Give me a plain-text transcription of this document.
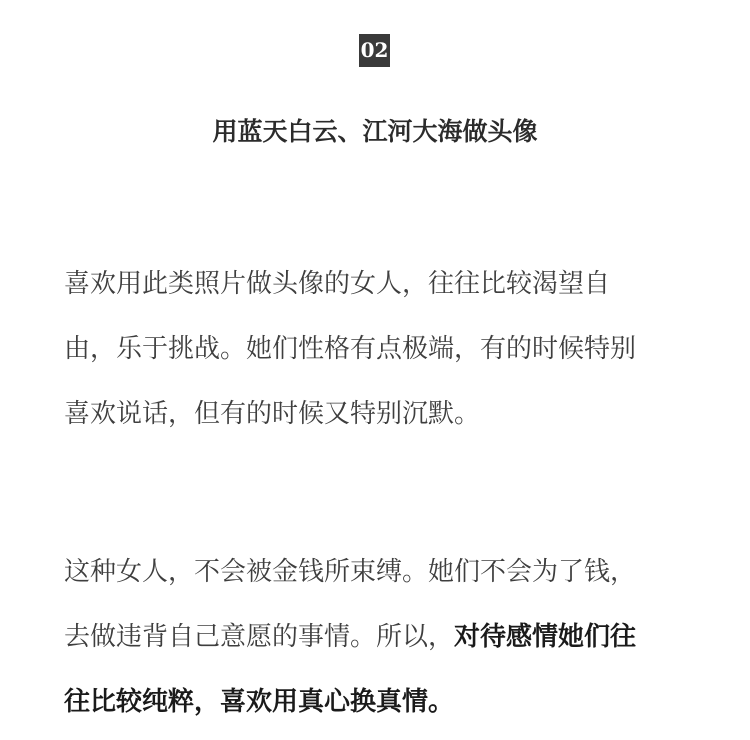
02
用蓝天白云、江河大海做头像

喜欢用此类照片做头像的女人，往往比较渴望自
由，乐于挑战。她们性格有点极端，有的时候特别
喜欢说话，但有的时候又特别沉默。

这种女人，不会被金钱所束缚。她们不会为了钱，
去做违背自己意愿的事情。所以，对待感情她们往
往比较纯粹，喜欢用真心换真情。
